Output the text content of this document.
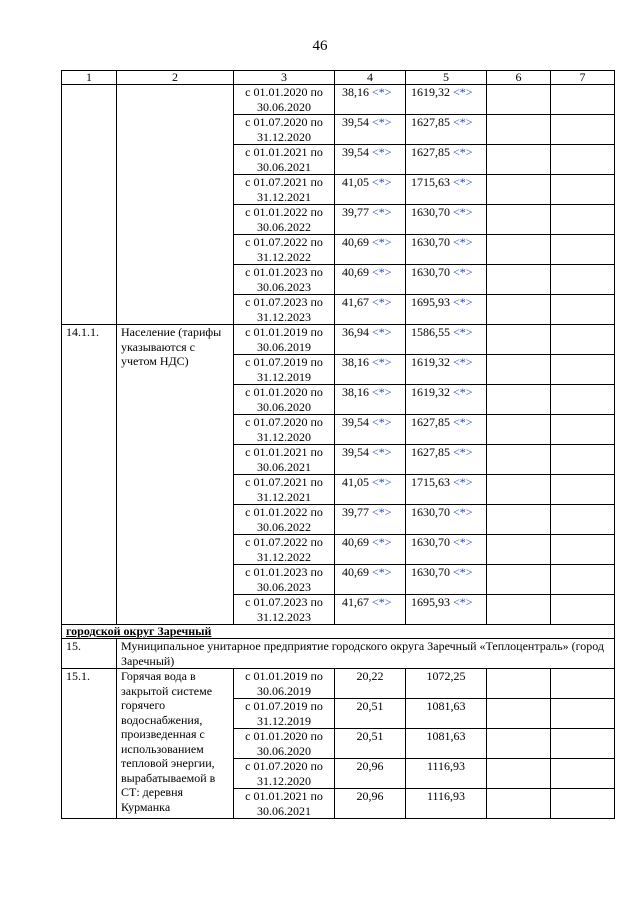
46
1	2	3	4	5	6	7
		с 01.01.2020 по 30.06.2020	38,16 <*>	1619,32 <*>		
		с 01.07.2020 по 31.12.2020	39,54 <*>	1627,85 <*>		
		с 01.01.2021 по 30.06.2021	39,54 <*>	1627,85 <*>		
		с 01.07.2021 по 31.12.2021	41,05 <*>	1715,63 <*>		
		с 01.01.2022 по 30.06.2022	39,77 <*>	1630,70 <*>		
		с 01.07.2022 по 31.12.2022	40,69 <*>	1630,70 <*>		
		с 01.01.2023 по 30.06.2023	40,69 <*>	1630,70 <*>		
		с 01.07.2023 по 31.12.2023	41,67 <*>	1695,93 <*>		
14.1.1.	Население (тарифы указываются с учетом НДС)	с 01.01.2019 по 30.06.2019	36,94 <*>	1586,55 <*>		
		с 01.07.2019 по 31.12.2019	38,16 <*>	1619,32 <*>		
		с 01.01.2020 по 30.06.2020	38,16 <*>	1619,32 <*>		
		с 01.07.2020 по 31.12.2020	39,54 <*>	1627,85 <*>		
		с 01.01.2021 по 30.06.2021	39,54 <*>	1627,85 <*>		
		с 01.07.2021 по 31.12.2021	41,05 <*>	1715,63 <*>		
		с 01.01.2022 по 30.06.2022	39,77 <*>	1630,70 <*>		
		с 01.07.2022 по 31.12.2022	40,69 <*>	1630,70 <*>		
		с 01.01.2023 по 30.06.2023	40,69 <*>	1630,70 <*>		
		с 01.07.2023 по 31.12.2023	41,67 <*>	1695,93 <*>		
городской округ Заречный						
15.	Муниципальное унитарное предприятие городского округа Заречный «Теплоцентраль» (город Заречный)					
15.1.	Горячая вода в закрытой системе горячего водоснабжения, произведенная с использованием тепловой энергии, вырабатываемой в СТ: деревня Курманка	с 01.01.2019 по 30.06.2019	20,22	1072,25		
		с 01.07.2019 по 31.12.2019	20,51	1081,63		
		с 01.01.2020 по 30.06.2020	20,51	1081,63		
		с 01.07.2020 по 31.12.2020	20,96	1116,93		
		с 01.01.2021 по 30.06.2021	20,96	1116,93		
